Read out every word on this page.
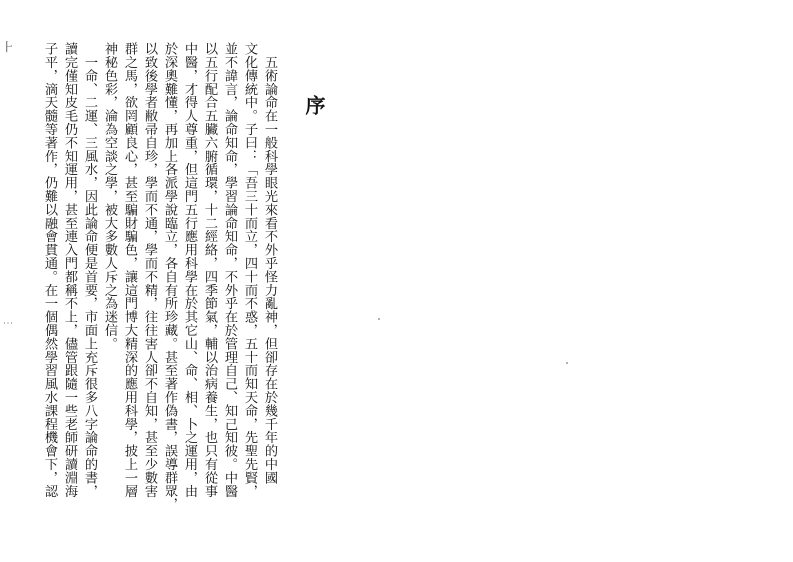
⺊
⋮
序
　五術論命在一般科學眼光來看不外乎怪力亂神，但卻存在於幾千年的中國
文化傳統中。子曰：「吾三十而立，四十而不惑，五十而知天命，先聖先賢，
並不諱言，論命知命，學習論命知命，不外乎在於管理自己、知己知彼。中醫
以五行配合五臟六腑循環，十二經絡，四季節氣，輔以治病養生，也只有從事
中醫，才得人尊重，但這門五行應用科學在於其它山、命、相、卜之運用，由
於深奧難懂，再加上各派學說臨立，各自有所珍藏。甚至著作偽書，誤導群眾，
以致後學者敝帚自珍，學而不通，學而不精，往往害人卻不自知，甚至少數害
群之馬，欲罔顧良心，甚至騙財騙色，讓這門博大精深的應用科學，披上一層
神秘色彩，淪為空談之學，被大多數人斥之為迷信。
　一命、二運、三風水，因此論命便是首要，市面上充斥很多八字論命的書，
讀完僅知皮毛仍不知運用，甚至連入門都稱不上，儘管跟隨一些老師研讀淵海
子平，滴天髓等著作，仍難以融會貫通。在一個偶然學習風水課程機會下，認
